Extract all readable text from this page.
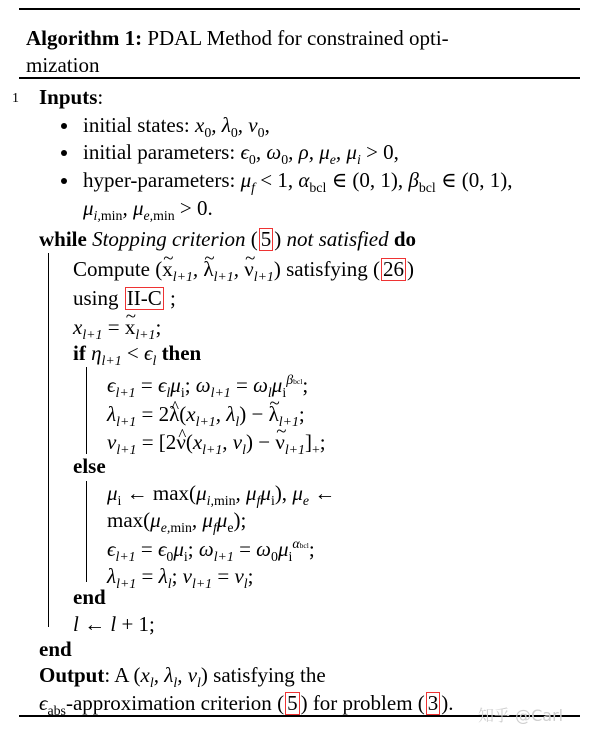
Algorithm 1: PDAL Method for constrained opti-
mization
1 Inputs:
initial states: $x_0$, $\lambda_0$, $\nu_0$,
initial parameters: $\epsilon_0$, $\omega_0$, ρ, $\mu_e$, $\mu_i > 0$,
hyper-parameters: $\mu_f < 1$, $\alpha_{bcl}$ ∈ (0, 1), $\beta_{bcl}$ ∈ (0, 1),
$\mu_{i,min}$, $\mu_{e,min} > 0$.
while Stopping criterion ( 5 ) not satisfied do
Compute (~ $x_{l+1}$, ~ $\lambda_{l+1}$, ~ $\nu_{l+1}$) satisfying ( 26 )
using II-C ;
$x_{l+1}$ = ~ $x_{l+1}$;
if $\eta_{l+1} < \epsilon_l$ then
$\epsilon_{l+1} = \epsilon_l\mu_i$; $\omega_{l+1} = \omega_l\mu_i^{\beta bcl}$;
$\lambda_{l+1}$ = 2^ $\lambda(x_{l+1}$, $\lambda_l$) − ~ $\lambda_{l+1}$;
$\nu_{l+1}$ = [2^ $\nu(x_{l+1}$, $\nu_l$) − ~ $\nu_{l+1}]_+$;
else
$\mu_i$ ← $\max(\mu_{i,min}$, $\mu_f\mu_i$), $\mu_e$ ←
$\max(\mu_{e,min}$, $\mu_f\mu_e$);
$\epsilon_{l+1} = \epsilon_0\mu_i$; $\omega_{l+1} = \omega_0\mu_i^{\alpha bcl}$;
$\lambda_{l+1} = \lambda_l$; $\nu_{l+1} = \nu_l$;
end
l ← l + 1;
end
Output: A ($x_l$, $\lambda_l$, $\nu_l$) satisfying the
$\epsilon_{abs}$-approximation criterion ( 5 ) for problem ( 3 ).
知乎 @Carl
